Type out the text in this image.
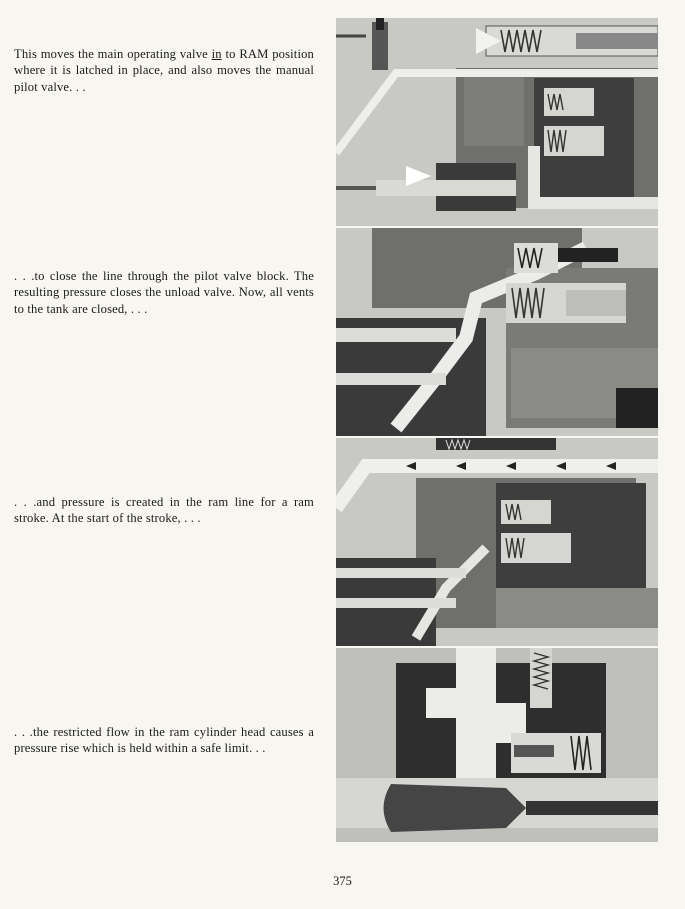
This moves the main operating valve in to RAM position where it is latched in place, and also moves the manual pilot valve. . .
. . .to close the line through the pilot valve block. The resulting pressure closes the unload valve. Now, all vents to the tank are closed, . . .
. . .and pressure is created in the ram line for a ram stroke. At the start of the stroke, . . .
. . .the restricted flow in the ram cylinder head causes a pressure rise which is held within a safe limit. . .
375
